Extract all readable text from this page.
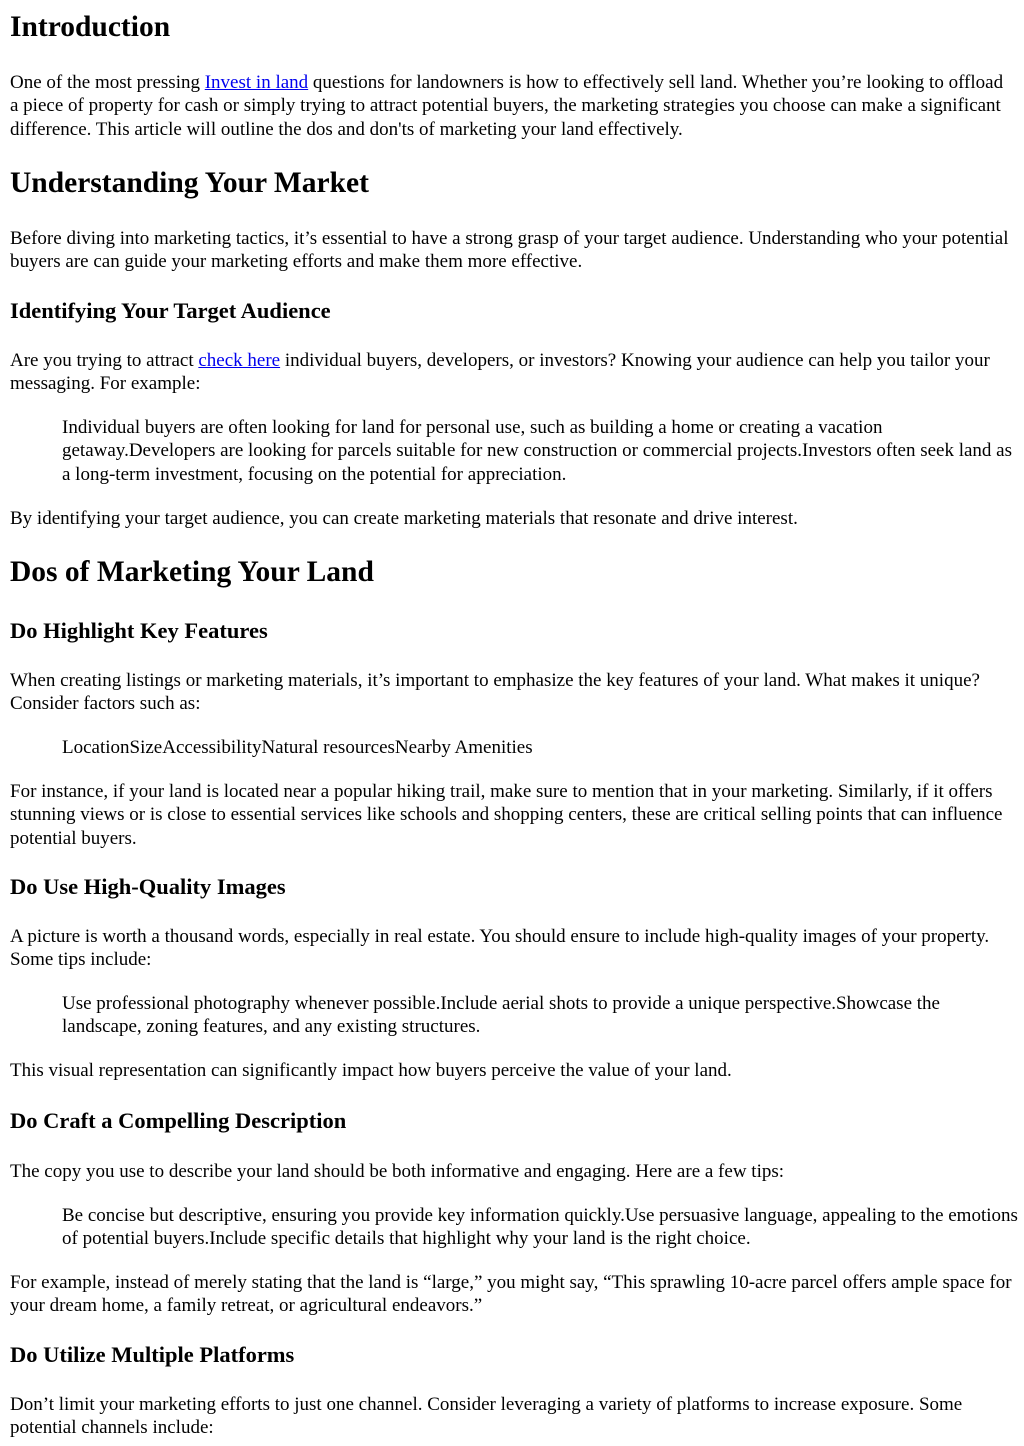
Introduction

One of the most pressing Invest in land questions for landowners is how to effectively sell land. Whether you’re looking to offload a piece of property for cash or simply trying to attract potential buyers, the marketing strategies you choose can make a significant difference. This article will outline the dos and don'ts of marketing your land effectively.

Understanding Your Market

Before diving into marketing tactics, it’s essential to have a strong grasp of your target audience. Understanding who your potential buyers are can guide your marketing efforts and make them more effective.

Identifying Your Target Audience

Are you trying to attract check here individual buyers, developers, or investors? Knowing your audience can help you tailor your messaging. For example:

Individual buyers are often looking for land for personal use, such as building a home or creating a vacation getaway.Developers are looking for parcels suitable for new construction or commercial projects.Investors often seek land as a long-term investment, focusing on the potential for appreciation.

By identifying your target audience, you can create marketing materials that resonate and drive interest.

Dos of Marketing Your Land
Do Highlight Key Features

When creating listings or marketing materials, it’s important to emphasize the key features of your land. What makes it unique? Consider factors such as:

LocationSizeAccessibilityNatural resourcesNearby Amenities

For instance, if your land is located near a popular hiking trail, make sure to mention that in your marketing. Similarly, if it offers stunning views or is close to essential services like schools and shopping centers, these are critical selling points that can influence potential buyers.

Do Use High-Quality Images

A picture is worth a thousand words, especially in real estate. You should ensure to include high-quality images of your property. Some tips include:

Use professional photography whenever possible.Include aerial shots to provide a unique perspective.Showcase the landscape, zoning features, and any existing structures.

This visual representation can significantly impact how buyers perceive the value of your land.

Do Craft a Compelling Description

The copy you use to describe your land should be both informative and engaging. Here are a few tips:

Be concise but descriptive, ensuring you provide key information quickly.Use persuasive language, appealing to the emotions of potential buyers.Include specific details that highlight why your land is the right choice.

For example, instead of merely stating that the land is “large,” you might say, “This sprawling 10-acre parcel offers ample space for your dream home, a family retreat, or agricultural endeavors.”

Do Utilize Multiple Platforms

Don’t limit your marketing efforts to just one channel. Consider leveraging a variety of platforms to increase exposure. Some potential channels include:
